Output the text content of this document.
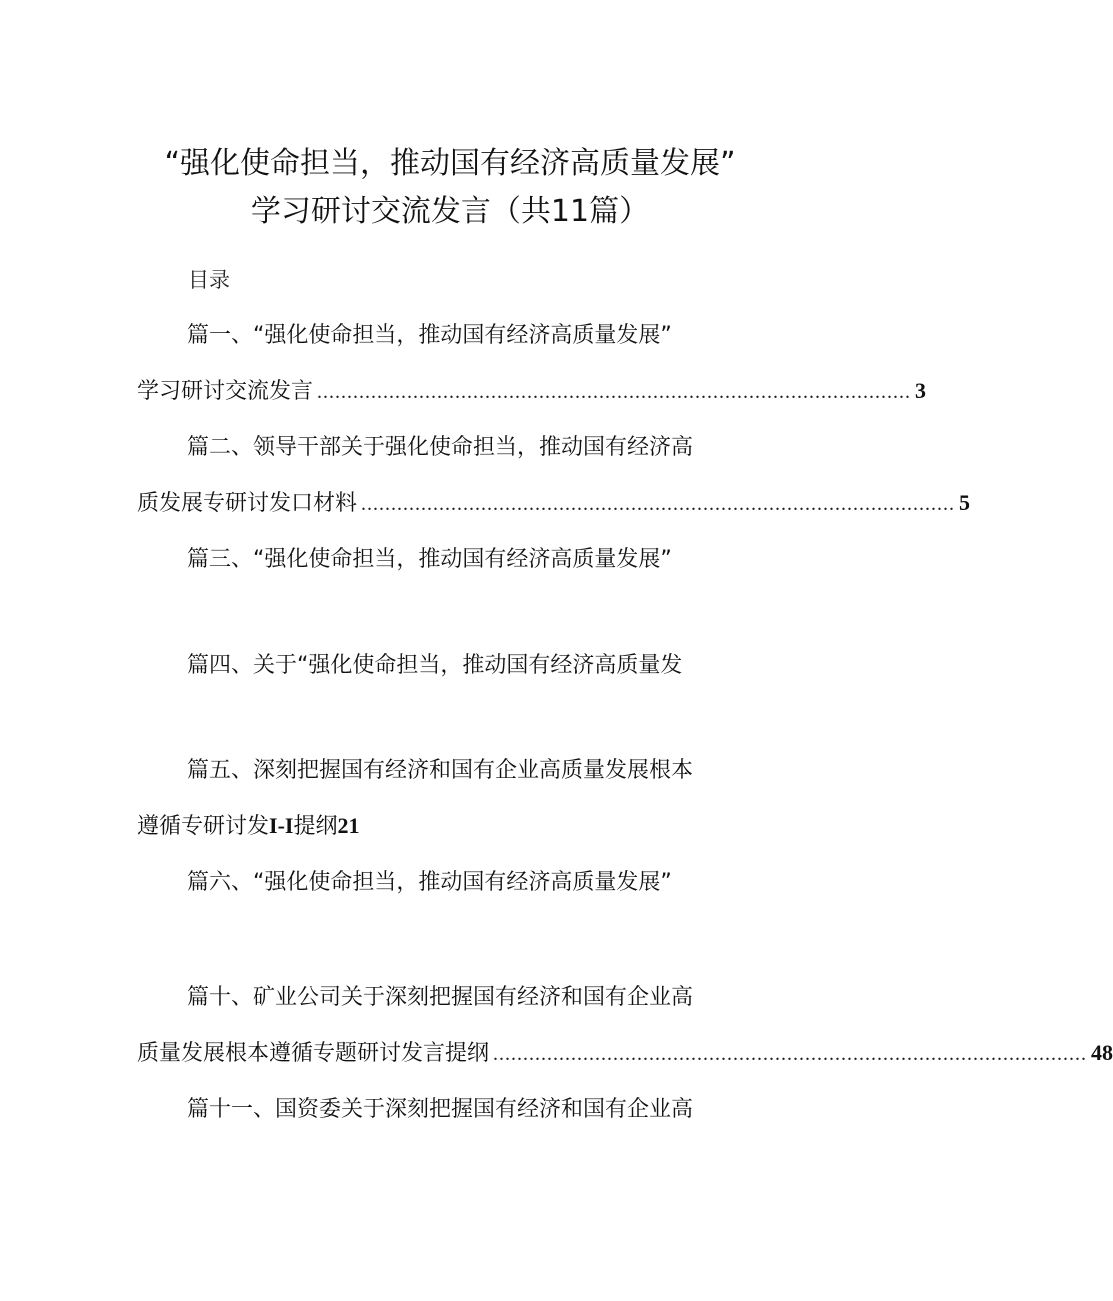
“强化使命担当，推动国有经济高质量发展”
学习研讨交流发言（共11篇）
目录
篇一、“强化使命担当，推动国有经济高质量发展”
学习研讨交流发言 ................................................................................................... 3
篇二、领导干部关于强化使命担当，推动国有经济高
质发展专研讨发口材料 ................................................................................................... 5
篇三、“强化使命担当，推动国有经济高质量发展”
篇四、关于“强化使命担当，推动国有经济高质量发
篇五、深刻把握国有经济和国有企业高质量发展根本
遵循专研讨发I-I提纲21
篇六、“强化使命担当，推动国有经济高质量发展”
篇十、矿业公司关于深刻把握国有经济和国有企业高
质量发展根本遵循专题研讨发言提纲 ................................................................................................... 48
篇十一、国资委关于深刻把握国有经济和国有企业高
